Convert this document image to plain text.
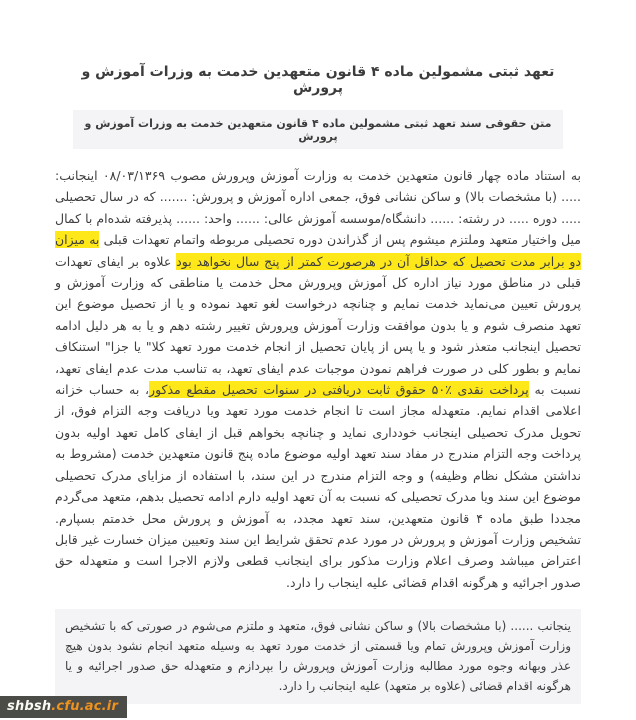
تعهد ثبتی مشمولین ماده ۴ قانون متعهدین خدمت به وزرات آموزش و پرورش
متن حقوقی سند تعهد ثبتی مشمولین ماده ۴ قانون متعهدین خدمت به وزرات آموزش و پرورش

به استناد ماده چهار قانون متعهدین خدمت به وزارت آموزش وپرورش مصوب ۰۸/۰۳/۱۳۶۹ اینجانب: ..... (با مشخصات بالا) و ساکن نشانی فوق، جمعی اداره آموزش و پرورش: ....... که در سال تحصیلی ..... دوره ..... در رشته: ...... دانشگاه/موسسه آموزش عالی: ...... واحد: ...... پذیرفته شده‌ام با کمال میل واختیار متعهد وملتزم میشوم پس از گذراندن دوره تحصیلی مربوطه واتمام تعهدات قبلی به میزان دو برابر مدت تحصیل که حداقل آن در هرصورت کمتر از پنج سال نخواهد بود علاوه بر ایفای تعهدات قبلی در مناطق مورد نیاز اداره کل آموزش وپرورش محل خدمت یا مناطقی که وزارت آموزش و پرورش تعیین می‌نماید خدمت نمایم و چنانچه درخواست لغو تعهد نموده و یا از تحصیل موضوع این تعهد منصرف شوم و یا بدون موافقت وزارت آموزش وپرورش تغییر رشته دهم و یا به هر دلیل ادامه تحصیل اینجانب متعذر شود و یا پس از پایان تحصیل از انجام خدمت مورد تعهد کلا" یا جزا" استنکاف نمایم و بطور کلی در صورت فراهم نمودن موجبات عدم ایفای تعهد، به تناسب مدت عدم ایفای تعهد، نسبت به پرداخت نقدی ٪۵۰ حقوق ثابت دریافتی در سنوات تحصیل مقطع مذکور، به حساب خزانه اعلامی اقدام نمایم. متعهدله مجاز است تا انجام خدمت مورد تعهد ویا دریافت وجه التزام فوق، از تحویل مدرک تحصیلی اینجانب خودداری نماید و چنانچه بخواهم قبل از ایفای کامل تعهد اولیه بدون پرداخت وجه التزام مندرج در مفاد سند تعهد اولیه موضوع ماده پنج قانون متعهدین خدمت (مشروط به نداشتن مشکل نظام وظیفه) و وجه التزام مندرج در این سند، با استفاده از مزایای مدرک تحصیلی موضوع این سند ویا مدرک تحصیلی که نسبت به آن تعهد اولیه دارم ادامه تحصیل بدهم، متعهد می‌گردم مجددا طبق ماده ۴ قانون متعهدین، سند تعهد مجدد، به آموزش و پرورش محل خدمتم بسپارم. تشخیص وزارت آموزش و پرورش در مورد عدم تحقق شرایط این سند وتعیین میزان خسارت غیر قابل اعتراض میباشد وصرف اعلام وزارت مذکور برای اینجانب قطعی ولازم الاجرا است و متعهدله حق صدور اجرائیه و هرگونه اقدام قضائی علیه اینجاب را دارد.

ینجانب ...... (با مشخصات بالا) و ساکن نشانی فوق، متعهد و ملتزم می‌شوم در صورتی که با تشخیص وزارت آموزش وپرورش تمام ویا قسمتی از خدمت مورد تعهد به وسیله متعهد انجام نشود بدون هیچ عذر وبهانه وجوه مورد مطالبه وزارت آموزش وپرورش را بپردازم و متعهدله حق صدور اجرائیه و یا هرگونه اقدام قضائی (علاوه بر متعهد) علیه اینجانب را دارد.
shbsh.cfu.ac.ir
